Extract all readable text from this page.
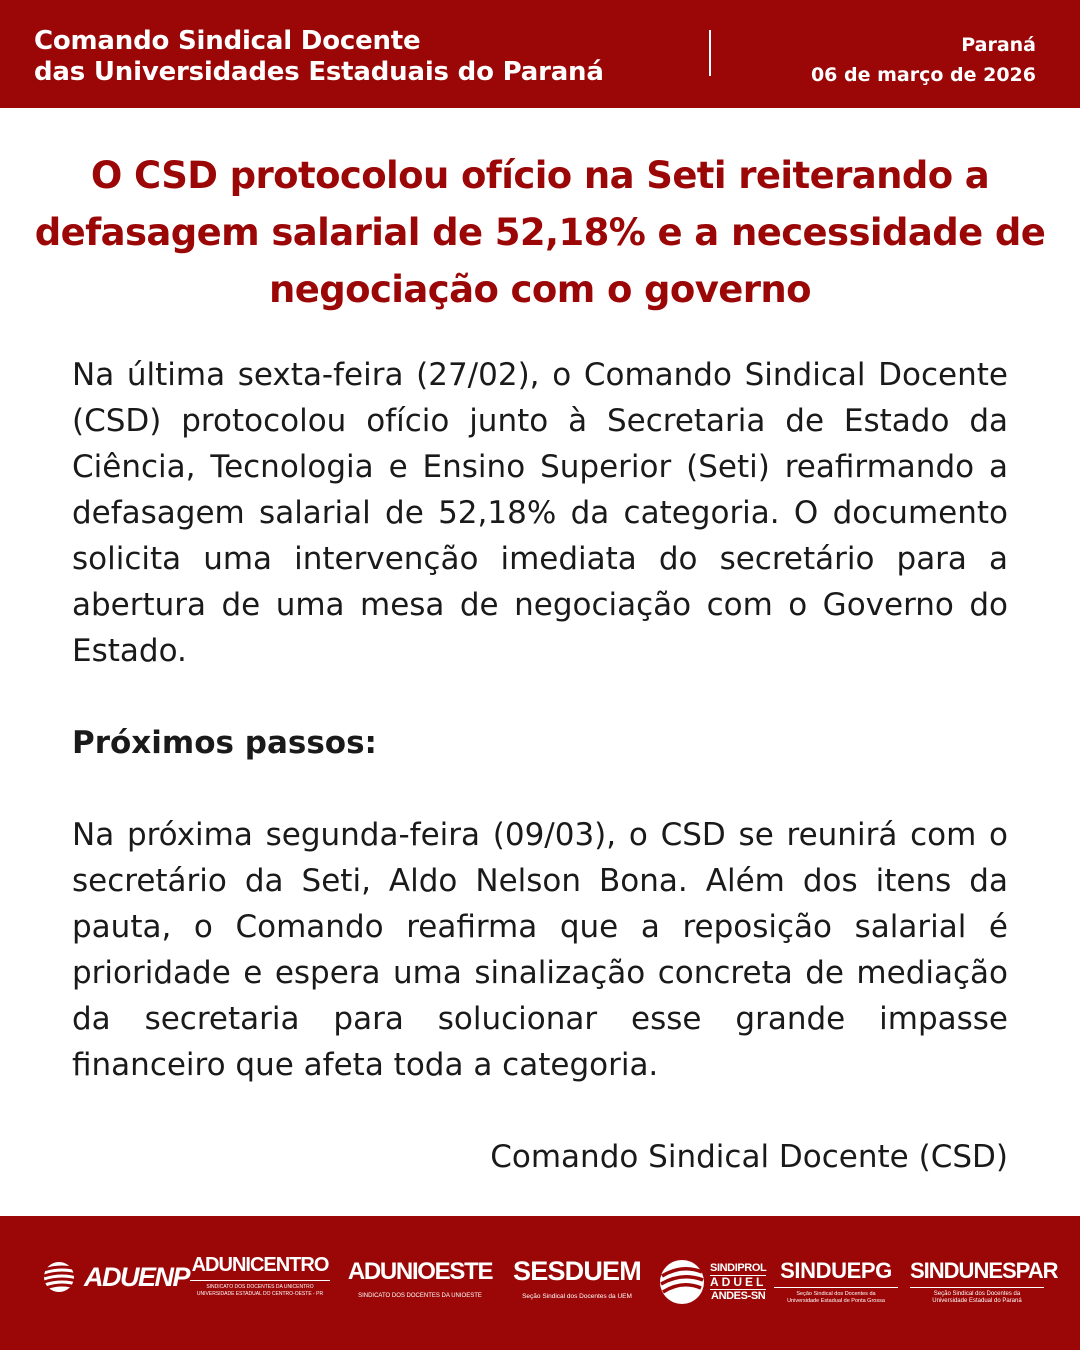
Comando Sindical Docente
das Universidades Estaduais do Paraná
Paraná
06 de março de 2026
O CSD protocolou ofício na Seti reiterando a defasagem salarial de 52,18% e a necessidade de negociação com o governo

Na última sexta-feira (27/02), o Comando Sindical Docente (CSD) protocolou ofício junto à Secretaria de Estado da Ciência, Tecnologia e Ensino Superior (Seti) reafirmando a defasagem salarial de 52,18% da categoria. O documento solicita uma intervenção imediata do secretário para a abertura de uma mesa de negociação com o Governo do Estado.

Próximos passos:

Na próxima segunda-feira (09/03), o CSD se reunirá com o secretário da Seti, Aldo Nelson Bona. Além dos itens da pauta, o Comando reafirma que a reposição salarial é prioridade e espera uma sinalização concreta de mediação da secretaria para solucionar esse grande impasse financeiro que afeta toda a categoria.

Comando Sindical Docente (CSD)
ADUENP ADUNICENTRO
SINDICATO DOS DOCENTES DA UNICENTRO
UNIVERSIDADE ESTADUAL DO CENTRO-OESTE - PR
ADUNIOESTE
SINDICATO DOS DOCENTES DA UNIOESTE
SESDUEM
Seção Sindical dos Docentes da UEM
SINDIPROL
ADUEL
ANDES-SN
SINDUEPG
Seção Sindical dos Docentes da
Universidade Estadual de Ponta Grossa
SINDUNESPAR
Seção Sindical dos Docentes da
Universidade Estadual do Paraná
